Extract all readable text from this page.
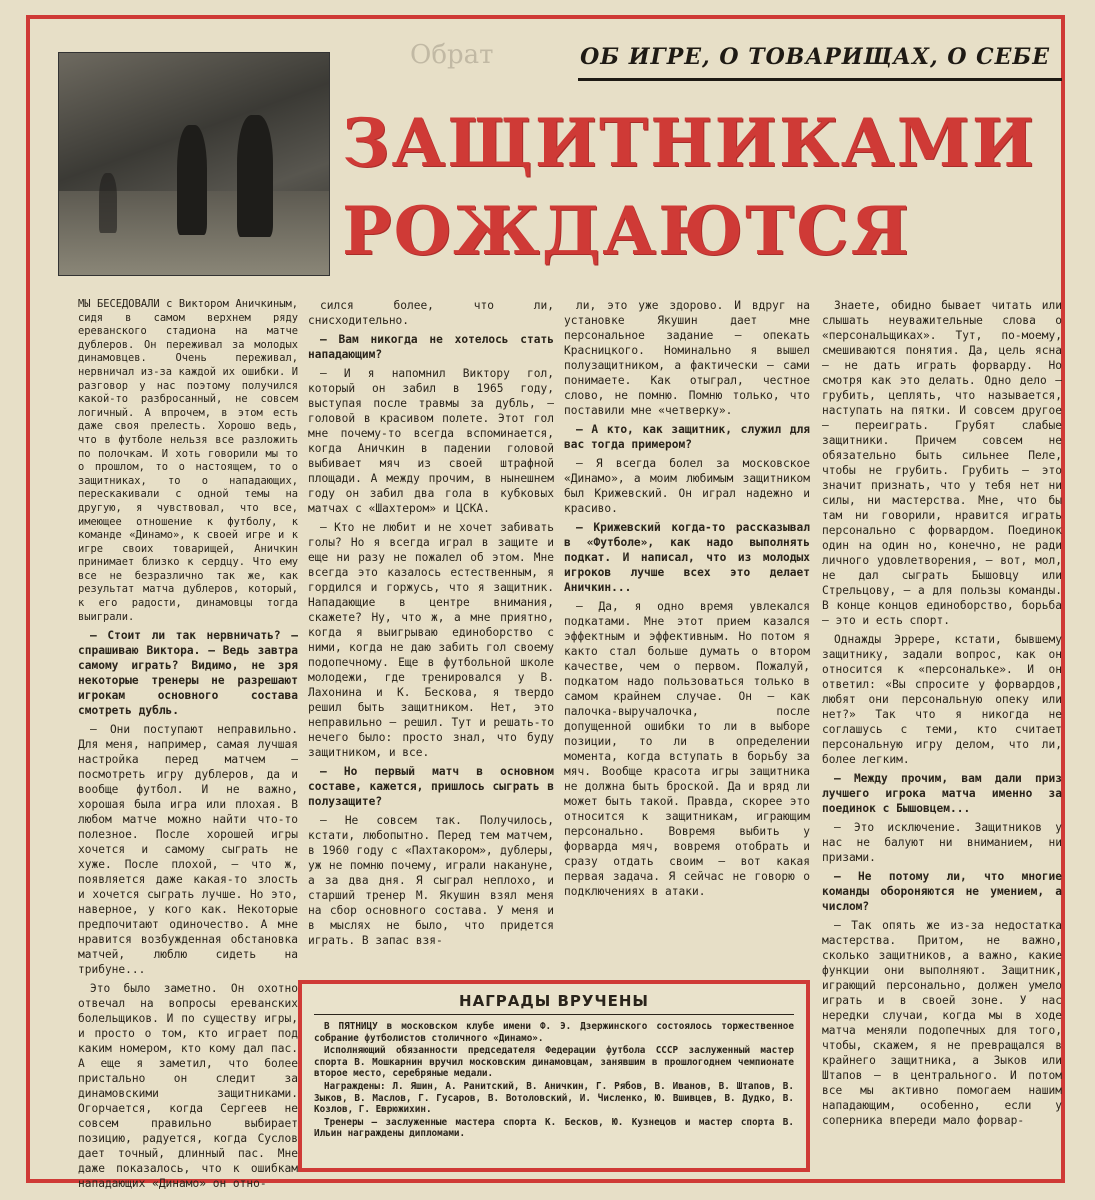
Обрат	ОБ ИГРЕ, О ТОВАРИЩАХ, О СЕБЕ
ЗАЩИТНИКАМИ
РОЖДАЮТСЯ

МЫ БЕСЕДОВАЛИ с Виктором Аничкиным, сидя в самом верхнем ряду ереванского стадиона на матче дублеров. Он переживал за молодых динамовцев. Очень переживал, нервничал из-за каждой их ошибки. И разговор у нас поэтому получился какой-то разбросанный, не совсем логичный. А впрочем, в этом есть даже своя прелесть. Хорошо ведь, что в футболе нельзя все разложить по полочкам. И хоть говорили мы то о прошлом, то о настоящем, то о защитниках, то о нападающих, перескакивали с одной темы на другую, я чувствовал, что все, имеющее отношение к футболу, к команде «Динамо», к своей игре и к игре своих товарищей, Аничкин принимает близко к сердцу. Что ему все не безразлично так же, как результат матча дублеров, который, к его радости, динамовцы тогда выиграли.

— Стоит ли так нервничать? — спрашиваю Виктора. — Ведь завтра самому играть? Видимо, не зря некоторые тренеры не разрешают игрокам основного состава смотреть дубль.

— Они поступают неправильно. Для меня, например, самая лучшая настройка перед матчем — посмотреть игру дублеров, да и вообще футбол. И не важно, хорошая была игра или плохая. В любом матче можно найти что-то полезное. После хорошей игры хочется и самому сыграть не хуже. После плохой, — что ж, появляется даже какая-то злость и хочется сыграть лучше. Но это, наверное, у кого как. Некоторые предпочитают одиночество. А мне нравится возбужденная обстановка матчей, люблю сидеть на трибуне...

Это было заметно. Он охотно отвечал на вопросы ереванских болельщиков. И по существу игры, и просто о том, кто играет под каким номером, кто кому дал пас. А еще я заметил, что более пристально он следит за динамовскими защитниками. Огорчается, когда Сергеев не совсем правильно выбирает позицию, радуется, когда Суслов дает точный, длинный пас. Мне даже показалось, что к ошибкам нападающих «Динамо» он отно-

сился более, что ли, снисходительно.

— Вам никогда не хотелось стать нападающим?

— И я напомнил Виктору гол, который он забил в 1965 году, выступая после травмы за дубль, — головой в красивом полете. Этот гол мне почему-то всегда вспоминается, когда Аничкин в падении головой выбивает мяч из своей штрафной площади. А между прочим, в нынешнем году он забил два гола в кубковых матчах с «Шахтером» и ЦСКА.

— Кто не любит и не хочет забивать голы? Но я всегда играл в защите и еще ни разу не пожалел об этом. Мне всегда это казалось естественным, я гордился и горжусь, что я защитник. Нападающие в центре внимания, скажете? Ну, что ж, а мне приятно, когда я выигрываю единоборство с ними, когда не даю забить гол своему подопечному. Еще в футбольной школе молодежи, где тренировался у В. Лахонина и К. Бескова, я твердо решил быть защитником. Нет, это неправильно — решил. Тут и решать-то нечего было: просто знал, что буду защитником, и все.

— Но первый матч в основном составе, кажется, пришлось сыграть в полузащите?

— Не совсем так. Получилось, кстати, любопытно. Перед тем матчем, в 1960 году с «Пахтакором», дублеры, уж не помню почему, играли накануне, а за два дня. Я сыграл неплохо, и старший тренер М. Якушин взял меня на сбор основного состава. У меня и в мыслях не было, что придется играть. В запас взя-

ли, это уже здорово. И вдруг на установке Якушин дает мне персональное задание — опекать Красницкого. Номинально я вышел полузащитником, а фактически — сами понимаете. Как отыграл, честное слово, не помню. Помню только, что поставили мне «четверку».

— А кто, как защитник, служил для вас тогда примером?

— Я всегда болел за московское «Динамо», а моим любимым защитником был Крижевский. Он играл надежно и красиво.

— Крижевский когда-то рассказывал в «Футболе», как надо выполнять подкат. И написал, что из молодых игроков лучше всех это делает Аничкин...

— Да, я одно время увлекался подкатами. Мне этот прием казался эффектным и эффективным. Но потом я както стал больше думать о втором качестве, чем о первом. Пожалуй, подкатом надо пользоваться только в самом крайнем случае. Он — как палочка-выручалочка, после допущенной ошибки то ли в выборе позиции, то ли в определении момента, когда вступать в борьбу за мяч. Вообще красота игры защитника не должна быть броской. Да и вряд ли может быть такой. Правда, скорее это относится к защитникам, играющим персонально. Вовремя выбить у форварда мяч, вовремя отобрать и сразу отдать своим — вот какая первая задача. Я сейчас не говорю о подключениях в атаки.

Знаете, обидно бывает читать или слышать неуважительные слова о «персональщиках». Тут, по-моему, смешиваются понятия. Да, цель ясна — не дать играть форварду. Но смотря как это делать. Одно дело — грубить, цеплять, что называется, наступать на пятки. И совсем другое — переиграть. Грубят слабые защитники. Причем совсем не обязательно быть сильнее Пеле, чтобы не грубить. Грубить — это значит признать, что у тебя нет ни силы, ни мастерства. Мне, что бы там ни говорили, нравится играть персонально с форвардом. Поединок один на один но, конечно, не ради личного удовлетворения, — вот, мол, не дал сыграть Бышовцу или Стрельцову, — а для пользы команды. В конце концов единоборство, борьба — это и есть спорт.

Однажды Эррере, кстати, бывшему защитнику, задали вопрос, как он относится к «персональке». И он ответил: «Вы спросите у форвардов, любят они персональную опеку или нет?» Так что я никогда не соглашусь с теми, кто считает персональную игру делом, что ли, более легким.

— Между прочим, вам дали приз лучшего игрока матча именно за поединок с Бышовцем...

— Это исключение. Защитников у нас не балуют ни вниманием, ни призами.

— Не потому ли, что многие команды обороняются не умением, а числом?

— Так опять же из-за недостатка мастерства. Притом, не важно, сколько защитников, а важно, какие функции они выполняют. Защитник, играющий персонально, должен умело играть и в своей зоне. У нас нередки случаи, когда мы в ходе матча меняли подопечных для того, чтобы, скажем, я не превращался в крайнего защитника, а Зыков или Штапов — в центрального. И потом все мы активно помогаем нашим нападающим, особенно, если у соперника впереди мало форвар-

НАГРАДЫ ВРУЧЕНЫ

В ПЯТНИЦУ в московском клубе имени Ф. Э. Дзержинского состоялось торжественное собрание футболистов столичного «Динамо».

Исполняющий обязанности председателя Федерации футбола СССР заслуженный мастер спорта В. Мошкарнин вручил московским динамовцам, занявшим в прошлогоднем чемпионате второе место, серебряные медали.

Награждены: Л. Яшин, А. Ранитский, В. Аничкин, Г. Рябов, В. Иванов, В. Штапов, В. Зыков, В. Маслов, Г. Гусаров, В. Вотоловский, И. Численко, Ю. Вшивцев, В. Дудко, В. Козлов, Г. Еврюжихин.

Тренеры — заслуженные мастера спорта К. Бесков, Ю. Кузнецов и мастер спорта В. Ильин награждены дипломами.
